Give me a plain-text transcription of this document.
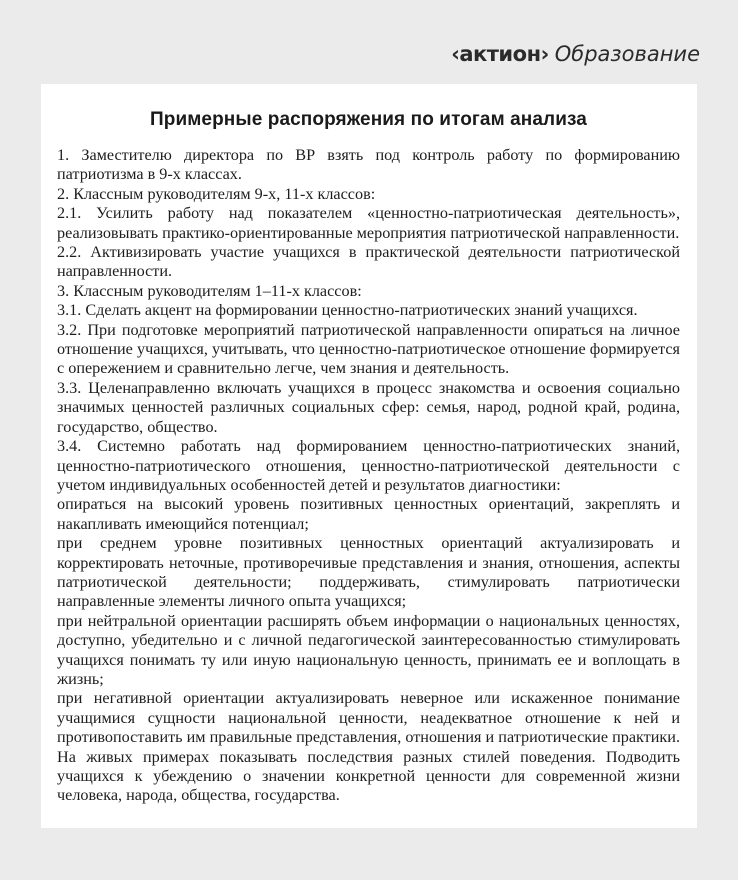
‹актион› Образование
Примерные распоряжения по итогам анализа

1. Заместителю директора по ВР взять под контроль работу по формированию патриотизма в 9-х классах.

2. Классным руководителям 9-х, 11-х классов:

2.1. Усилить работу над показателем «ценностно-патриотическая деятельность», реализовывать практико-ориентированные мероприятия патриотической направленности.

2.2. Активизировать участие учащихся в практической деятельности патриотической направленности.

3. Классным руководителям 1–11-х классов:

3.1. Сделать акцент на формировании ценностно-патриотических знаний учащихся.

3.2. При подготовке мероприятий патриотической направленности опираться на личное отношение учащихся, учитывать, что ценностно-патриотическое отношение формируется с опережением и сравнительно легче, чем знания и деятельность.

3.3. Целенаправленно включать учащихся в процесс знакомства и освоения социально значимых ценностей различных социальных сфер: семья, народ, родной край, родина, государство, общество.

3.4. Системно работать над формированием ценностно-патриотических знаний, ценностно-патриотического отношения, ценностно-патриотической деятельности с учетом индивидуальных особенностей детей и результатов диагностики:

опираться на высокий уровень позитивных ценностных ориентаций, закреплять и накапливать имеющийся потенциал;

при среднем уровне позитивных ценностных ориентаций актуализировать и корректировать неточные, противоречивые представления и знания, отношения, аспекты патриотической деятельности; поддерживать, стимулировать патриотически направленные элементы личного опыта учащихся;

при нейтральной ориентации расширять объем информации о национальных ценностях, доступно, убедительно и с личной педагогической заинтересованностью стимулировать учащихся понимать ту или иную национальную ценность, принимать ее и воплощать в жизнь;

при негативной ориентации актуализировать неверное или искаженное понимание учащимися сущности национальной ценности, неадекватное отношение к ней и противопоставить им правильные представления, отношения и патриотические практики. На живых примерах показывать последствия разных стилей поведения. Подводить учащихся к убеждению о значении конкретной ценности для современной жизни человека, народа, общества, государства.
